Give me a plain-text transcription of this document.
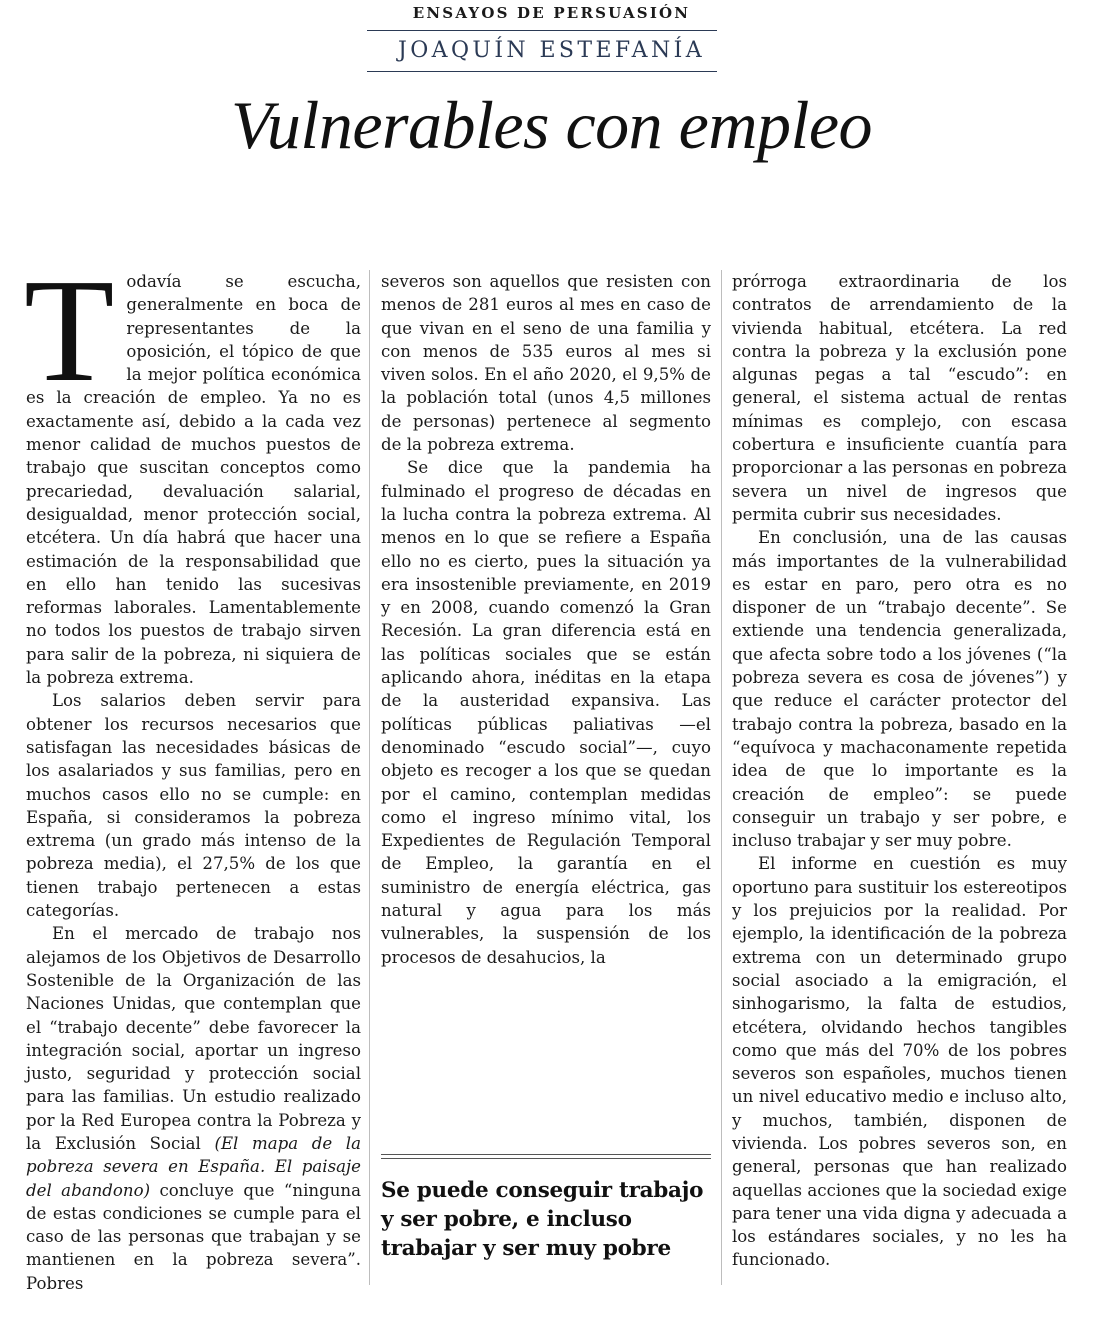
ENSAYOS DE PERSUASIÓN
JOAQUÍN ESTEFANÍA
Vulnerables con empleo

Todavía se escucha, generalmente en boca de representantes de la oposición, el tópico de que la mejor política económica es la creación de empleo. Ya no es exactamente así, debido a la cada vez menor calidad de muchos puestos de trabajo que suscitan conceptos como precariedad, devaluación salarial, desigualdad, menor protección social, etcétera. Un día habrá que hacer una estimación de la responsabilidad que en ello han tenido las sucesivas reformas laborales. Lamentablemente no todos los puestos de trabajo sirven para salir de la pobreza, ni siquiera de la pobreza extrema.

Los salarios deben servir para obtener los recursos necesarios que satisfagan las necesidades básicas de los asalariados y sus familias, pero en muchos casos ello no se cumple: en España, si consideramos la pobreza extrema (un grado más intenso de la pobreza media), el 27,5% de los que tienen trabajo pertenecen a estas categorías.

En el mercado de trabajo nos alejamos de los Objetivos de Desarrollo Sostenible de la Organización de las Naciones Unidas, que contemplan que el “trabajo decente” debe favorecer la integración social, aportar un ingreso justo, seguridad y protección social para las familias. Un estudio realizado por la Red Europea contra la Pobreza y la Exclusión Social (El mapa de la pobreza severa en España. El paisaje del abandono) concluye que “ninguna de estas condiciones se cumple para el caso de las personas que trabajan y se mantienen en la pobreza severa”. Pobres

severos son aquellos que resisten con menos de 281 euros al mes en caso de que vivan en el seno de una familia y con menos de 535 euros al mes si viven solos. En el año 2020, el 9,5% de la población total (unos 4,5 millones de personas) pertenece al segmento de la pobreza extrema.

Se dice que la pandemia ha fulminado el progreso de décadas en la lucha contra la pobreza extrema. Al menos en lo que se refiere a España ello no es cierto, pues la situación ya era insostenible previamente, en 2019 y en 2008, cuando comenzó la Gran Recesión. La gran diferencia está en las políticas sociales que se están aplicando ahora, inéditas en la etapa de la austeridad expansiva. Las políticas públicas paliativas —el denominado “escudo social”—, cuyo objeto es recoger a los que se quedan por el camino, contemplan medidas como el ingreso mínimo vital, los Expedientes de Regulación Temporal de Empleo, la garantía en el suministro de energía eléctrica, gas natural y agua para los más vulnerables, la suspensión de los procesos de desahucios, la

prórroga extraordinaria de los contratos de arrendamiento de la vivienda habitual, etcétera. La red contra la pobreza y la exclusión pone algunas pegas a tal “escudo”: en general, el sistema actual de rentas mínimas es complejo, con escasa cobertura e insuficiente cuantía para proporcionar a las personas en pobreza severa un nivel de ingresos que permita cubrir sus necesidades.

En conclusión, una de las causas más importantes de la vulnerabilidad es estar en paro, pero otra es no disponer de un “trabajo decente”. Se extiende una tendencia generalizada, que afecta sobre todo a los jóvenes (“la pobreza severa es cosa de jóvenes”) y que reduce el carácter protector del trabajo contra la pobreza, basado en la “equívoca y machaconamente repetida idea de que lo importante es la creación de empleo”: se puede conseguir un trabajo y ser pobre, e incluso trabajar y ser muy pobre.

El informe en cuestión es muy oportuno para sustituir los estereotipos y los prejuicios por la realidad. Por ejemplo, la identificación de la pobreza extrema con un determinado grupo social asociado a la emigración, el sinhogarismo, la falta de estudios, etcétera, olvidando hechos tangibles como que más del 70% de los pobres severos son españoles, muchos tienen un nivel educativo medio e incluso alto, y muchos, también, disponen de vivienda. Los pobres severos son, en general, personas que han realizado aquellas acciones que la sociedad exige para tener una vida digna y adecuada a los estándares sociales, y no les ha funcionado.

Se puede conseguir trabajo y ser pobre, e incluso trabajar y ser muy pobre
